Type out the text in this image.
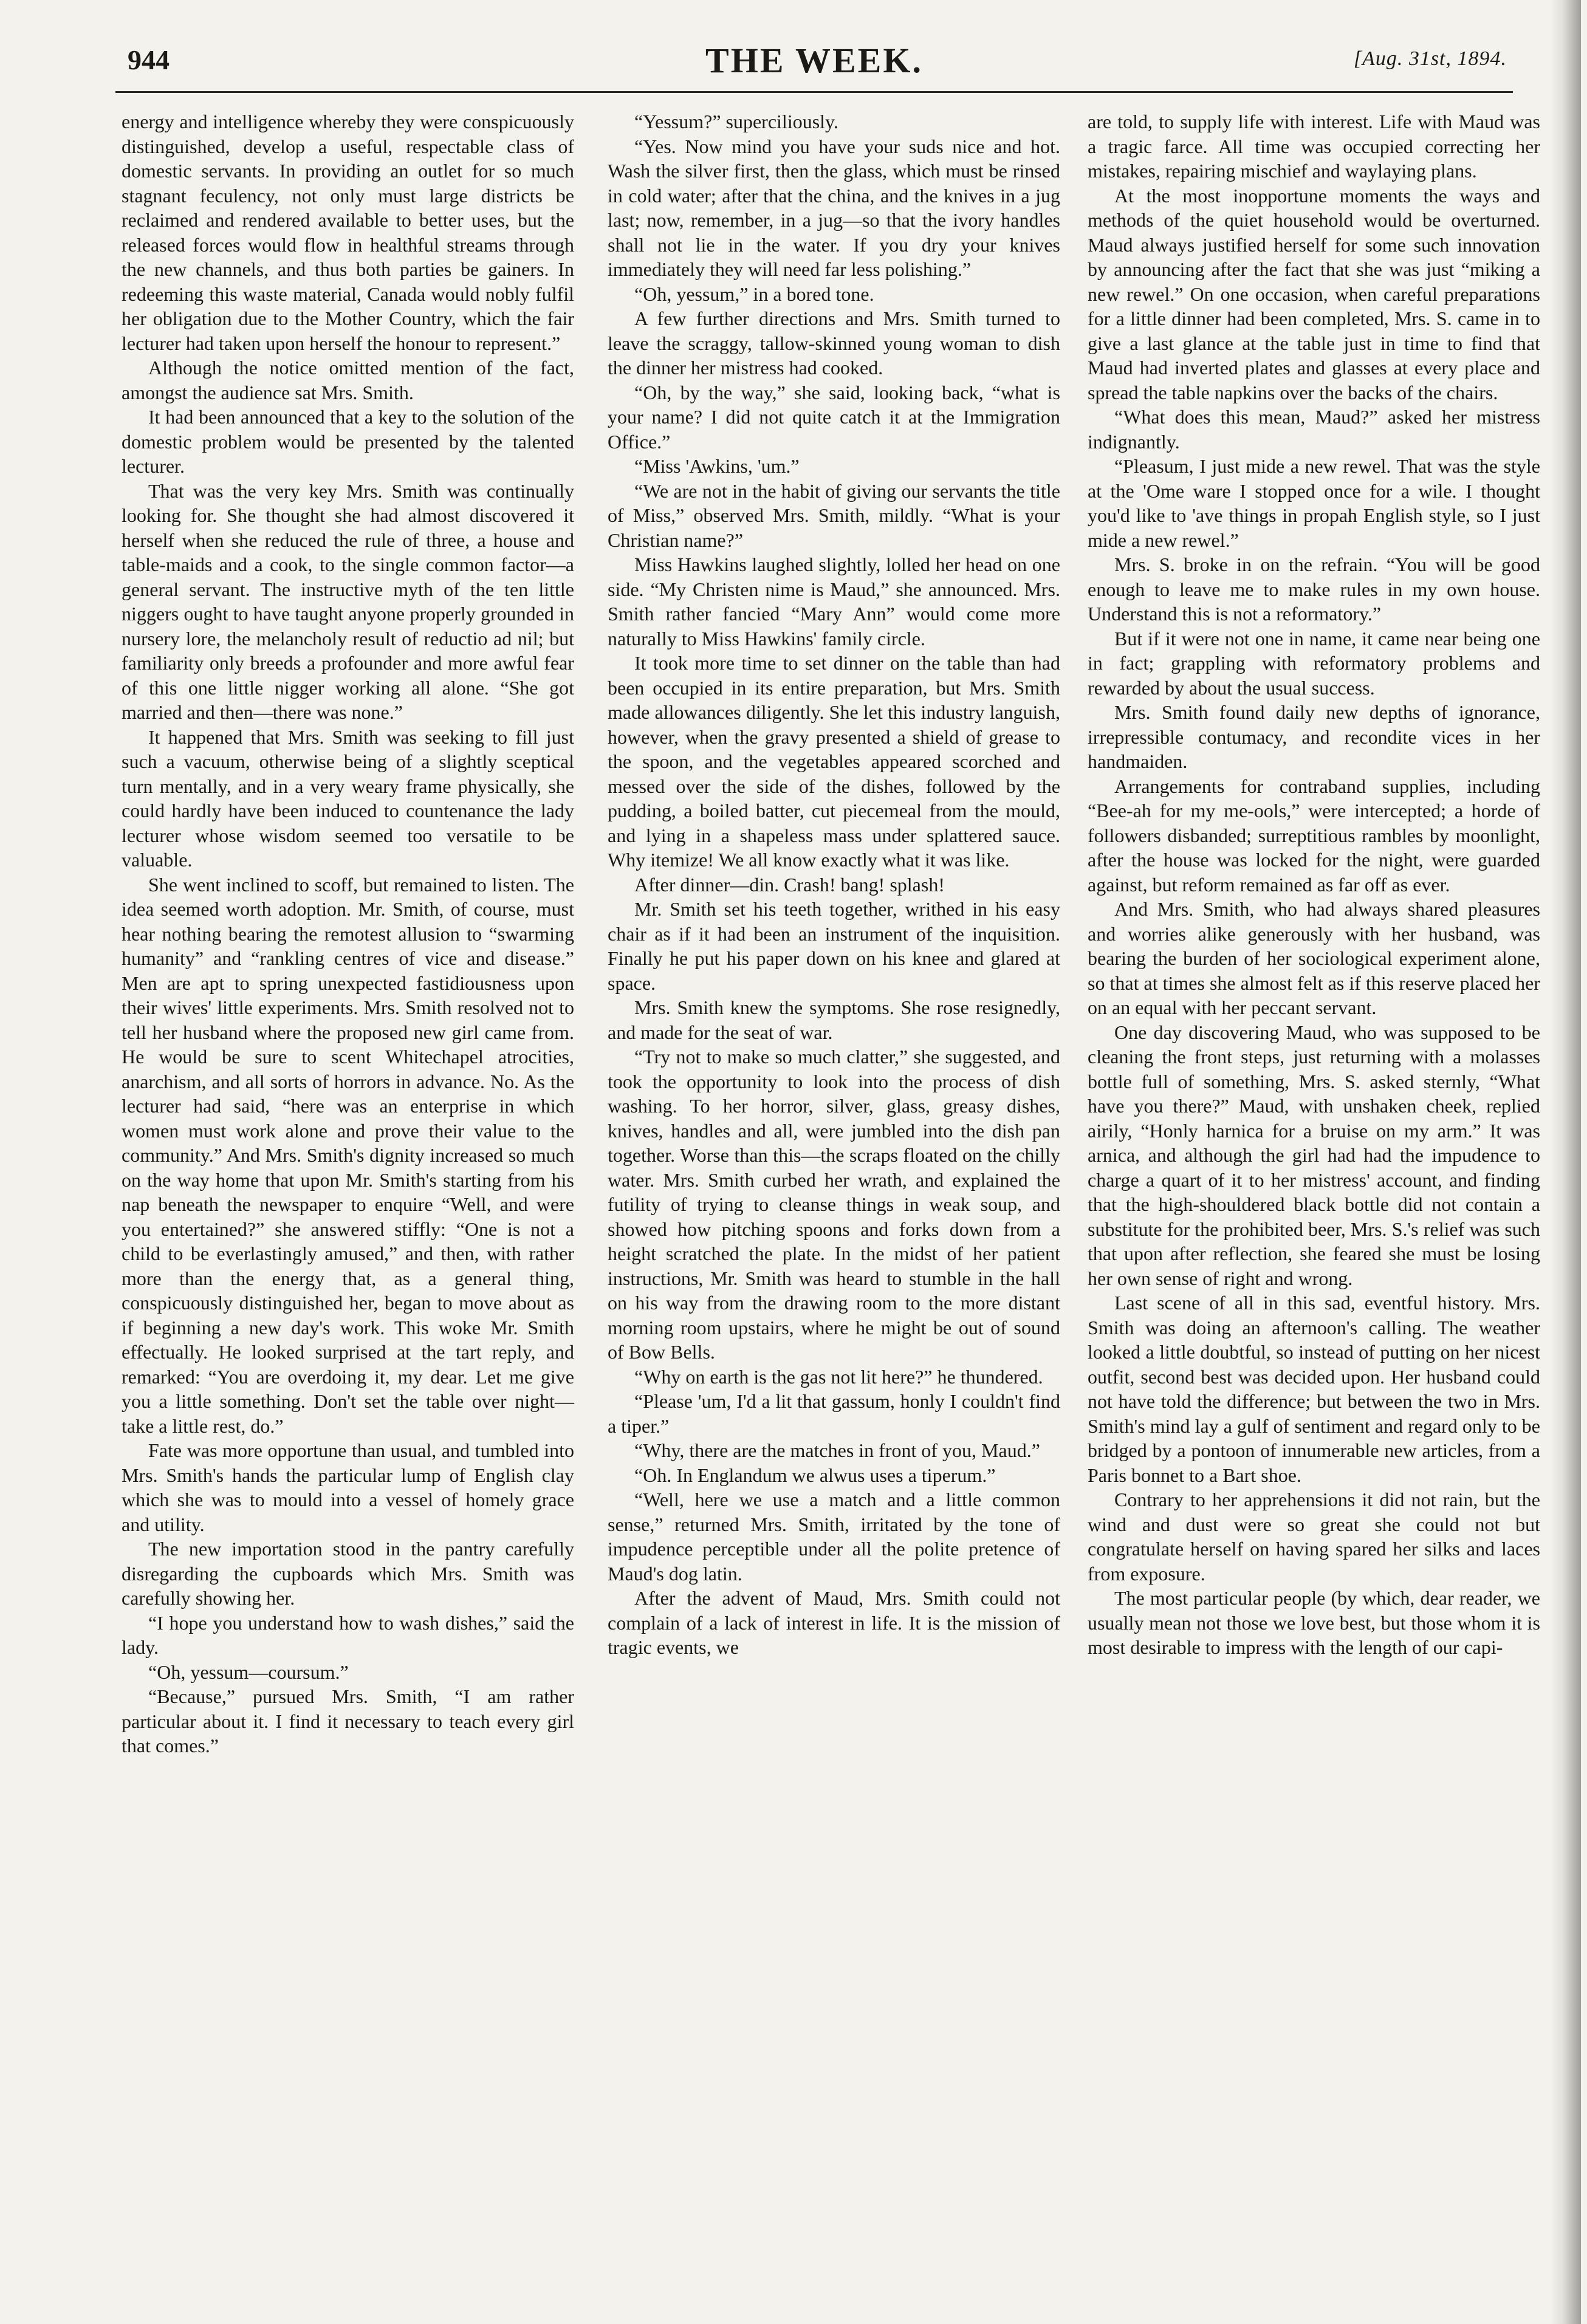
944	THE WEEK.	[Aug. 31st, 1894.

energy and intelligence whereby they were conspicuously distinguished, develop a useful, respectable class of domestic servants. In providing an outlet for so much stagnant feculency, not only must large districts be reclaimed and rendered available to better uses, but the released forces would flow in healthful streams through the new channels, and thus both parties be gainers. In redeeming this waste material, Canada would nobly fulfil her obligation due to the Mother Country, which the fair lecturer had taken upon herself the honour to represent.”

Although the notice omitted mention of the fact, amongst the audience sat Mrs. Smith.

It had been announced that a key to the solution of the domestic problem would be presented by the talented lecturer.

That was the very key Mrs. Smith was continually looking for. She thought she had almost discovered it herself when she reduced the rule of three, a house and table-maids and a cook, to the single common factor—a general servant. The instructive myth of the ten little niggers ought to have taught anyone properly grounded in nursery lore, the melancholy result of reductio ad nil; but familiarity only breeds a profounder and more awful fear of this one little nigger working all alone. “She got married and then—there was none.”

It happened that Mrs. Smith was seeking to fill just such a vacuum, otherwise being of a slightly sceptical turn mentally, and in a very weary frame physically, she could hardly have been induced to countenance the lady lecturer whose wisdom seemed too versatile to be valuable.

She went inclined to scoff, but remained to listen. The idea seemed worth adoption. Mr. Smith, of course, must hear nothing bearing the remotest allusion to “swarming humanity” and “rankling centres of vice and disease.” Men are apt to spring unexpected fastidiousness upon their wives' little experiments. Mrs. Smith resolved not to tell her husband where the proposed new girl came from. He would be sure to scent Whitechapel atrocities, anarchism, and all sorts of horrors in advance. No. As the lecturer had said, “here was an enterprise in which women must work alone and prove their value to the community.” And Mrs. Smith's dignity increased so much on the way home that upon Mr. Smith's starting from his nap beneath the newspaper to enquire “Well, and were you entertained?” she answered stiffly: “One is not a child to be everlastingly amused,” and then, with rather more than the energy that, as a general thing, conspicuously distinguished her, began to move about as if beginning a new day's work. This woke Mr. Smith effectually. He looked surprised at the tart reply, and remarked: “You are overdoing it, my dear. Let me give you a little something. Don't set the table over night—take a little rest, do.”

Fate was more opportune than usual, and tumbled into Mrs. Smith's hands the particular lump of English clay which she was to mould into a vessel of homely grace and utility.

The new importation stood in the pantry carefully disregarding the cupboards which Mrs. Smith was carefully showing her.

“I hope you understand how to wash dishes,” said the lady.

“Oh, yessum—coursum.”

“Because,” pursued Mrs. Smith, “I am rather particular about it. I find it necessary to teach every girl that comes.”

“Yessum?” superciliously.

“Yes. Now mind you have your suds nice and hot. Wash the silver first, then the glass, which must be rinsed in cold water; after that the china, and the knives in a jug last; now, remember, in a jug—so that the ivory handles shall not lie in the water. If you dry your knives immediately they will need far less polishing.”

“Oh, yessum,” in a bored tone.

A few further directions and Mrs. Smith turned to leave the scraggy, tallow-skinned young woman to dish the dinner her mistress had cooked.

“Oh, by the way,” she said, looking back, “what is your name? I did not quite catch it at the Immigration Office.”

“Miss 'Awkins, 'um.”

“We are not in the habit of giving our servants the title of Miss,” observed Mrs. Smith, mildly. “What is your Christian name?”

Miss Hawkins laughed slightly, lolled her head on one side. “My Christen nime is Maud,” she announced. Mrs. Smith rather fancied “Mary Ann” would come more naturally to Miss Hawkins' family circle.

It took more time to set dinner on the table than had been occupied in its entire preparation, but Mrs. Smith made allowances diligently. She let this industry languish, however, when the gravy presented a shield of grease to the spoon, and the vegetables appeared scorched and messed over the side of the dishes, followed by the pudding, a boiled batter, cut piecemeal from the mould, and lying in a shapeless mass under splattered sauce. Why itemize! We all know exactly what it was like.

After dinner—din. Crash! bang! splash!

Mr. Smith set his teeth together, writhed in his easy chair as if it had been an instrument of the inquisition. Finally he put his paper down on his knee and glared at space.

Mrs. Smith knew the symptoms. She rose resignedly, and made for the seat of war.

“Try not to make so much clatter,” she suggested, and took the opportunity to look into the process of dish washing. To her horror, silver, glass, greasy dishes, knives, handles and all, were jumbled into the dish pan together. Worse than this—the scraps floated on the chilly water. Mrs. Smith curbed her wrath, and explained the futility of trying to cleanse things in weak soup, and showed how pitching spoons and forks down from a height scratched the plate. In the midst of her patient instructions, Mr. Smith was heard to stumble in the hall on his way from the drawing room to the more distant morning room upstairs, where he might be out of sound of Bow Bells.

“Why on earth is the gas not lit here?” he thundered.

“Please 'um, I'd a lit that gassum, honly I couldn't find a tiper.”

“Why, there are the matches in front of you, Maud.”

“Oh. In Englandum we alwus uses a tiperum.”

“Well, here we use a match and a little common sense,” returned Mrs. Smith, irritated by the tone of impudence perceptible under all the polite pretence of Maud's dog latin.

After the advent of Maud, Mrs. Smith could not complain of a lack of interest in life. It is the mission of tragic events, we

are told, to supply life with interest. Life with Maud was a tragic farce. All time was occupied correcting her mistakes, repairing mischief and waylaying plans.

At the most inopportune moments the ways and methods of the quiet household would be overturned. Maud always justified herself for some such innovation by announcing after the fact that she was just “miking a new rewel.” On one occasion, when careful preparations for a little dinner had been completed, Mrs. S. came in to give a last glance at the table just in time to find that Maud had inverted plates and glasses at every place and spread the table napkins over the backs of the chairs.

“What does this mean, Maud?” asked her mistress indignantly.

“Pleasum, I just mide a new rewel. That was the style at the 'Ome ware I stopped once for a wile. I thought you'd like to 'ave things in propah English style, so I just mide a new rewel.”

Mrs. S. broke in on the refrain. “You will be good enough to leave me to make rules in my own house. Understand this is not a reformatory.”

But if it were not one in name, it came near being one in fact; grappling with reformatory problems and rewarded by about the usual success.

Mrs. Smith found daily new depths of ignorance, irrepressible contumacy, and recondite vices in her handmaiden.

Arrangements for contraband supplies, including “Bee-ah for my me-ools,” were intercepted; a horde of followers disbanded; surreptitious rambles by moonlight, after the house was locked for the night, were guarded against, but reform remained as far off as ever.

And Mrs. Smith, who had always shared pleasures and worries alike generously with her husband, was bearing the burden of her sociological experiment alone, so that at times she almost felt as if this reserve placed her on an equal with her peccant servant.

One day discovering Maud, who was supposed to be cleaning the front steps, just returning with a molasses bottle full of something, Mrs. S. asked sternly, “What have you there?” Maud, with unshaken cheek, replied airily, “Honly harnica for a bruise on my arm.” It was arnica, and although the girl had had the impudence to charge a quart of it to her mistress' account, and finding that the high-shouldered black bottle did not contain a substitute for the prohibited beer, Mrs. S.'s relief was such that upon after reflection, she feared she must be losing her own sense of right and wrong.

Last scene of all in this sad, eventful history. Mrs. Smith was doing an afternoon's calling. The weather looked a little doubtful, so instead of putting on her nicest outfit, second best was decided upon. Her husband could not have told the difference; but between the two in Mrs. Smith's mind lay a gulf of sentiment and regard only to be bridged by a pontoon of innumerable new articles, from a Paris bonnet to a Bart shoe.

Contrary to her apprehensions it did not rain, but the wind and dust were so great she could not but congratulate herself on having spared her silks and laces from exposure.

The most particular people (by which, dear reader, we usually mean not those we love best, but those whom it is most desirable to impress with the length of our capi-
